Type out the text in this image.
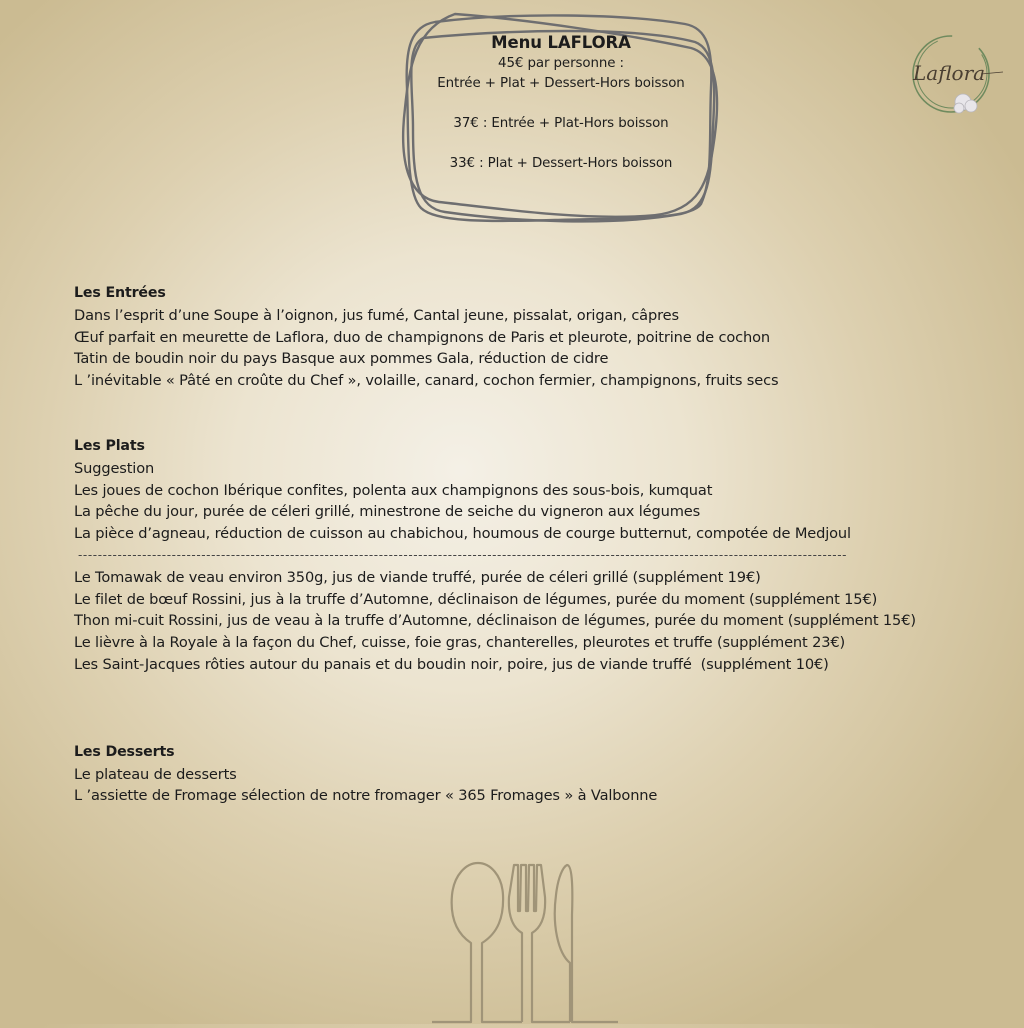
Menu LAFLORA
45€ par personne :
Entrée + Plat + Dessert-Hors boisson
37€ : Entrée + Plat-Hors boisson
33€ : Plat + Dessert-Hors boisson
Laflora
Les Entrées
Dans l’esprit d’une Soupe à l’oignon, jus fumé, Cantal jeune, pissalat, origan, câpres
Œuf parfait en meurette de Laflora, duo de champignons de Paris et pleurote, poitrine de cochon
Tatin de boudin noir du pays Basque aux pommes Gala, réduction de cidre
L ’inévitable « Pâté en croûte du Chef », volaille, canard, cochon fermier, champignons, fruits secs
Les Plats
Suggestion
Les joues de cochon Ibérique confites, polenta aux champignons des sous-bois, kumquat
La pêche du jour, purée de céleri grillé, minestrone de seiche du vigneron aux légumes
La pièce d’agneau, réduction de cuisson au chabichou, houmous de courge butternut, compotée de Medjoul
------------------------------------------------------------------------------------------------------------------------------------------------------------
Le Tomawak de veau environ 350g, jus de viande truffé, purée de céleri grillé (supplément 19€)
Le filet de bœuf Rossini, jus à la truffe d’Automne, déclinaison de légumes, purée du moment (supplément 15€)
Thon mi-cuit Rossini, jus de veau à la truffe d’Automne, déclinaison de légumes, purée du moment (supplément 15€)
Le lièvre à la Royale à la façon du Chef, cuisse, foie gras, chanterelles, pleurotes et truffe (supplément 23€)
Les Saint-Jacques rôties autour du panais et du boudin noir, poire, jus de viande truffé  (supplément 10€)
Les Desserts
Le plateau de desserts
L ’assiette de Fromage sélection de notre fromager « 365 Fromages » à Valbonne
